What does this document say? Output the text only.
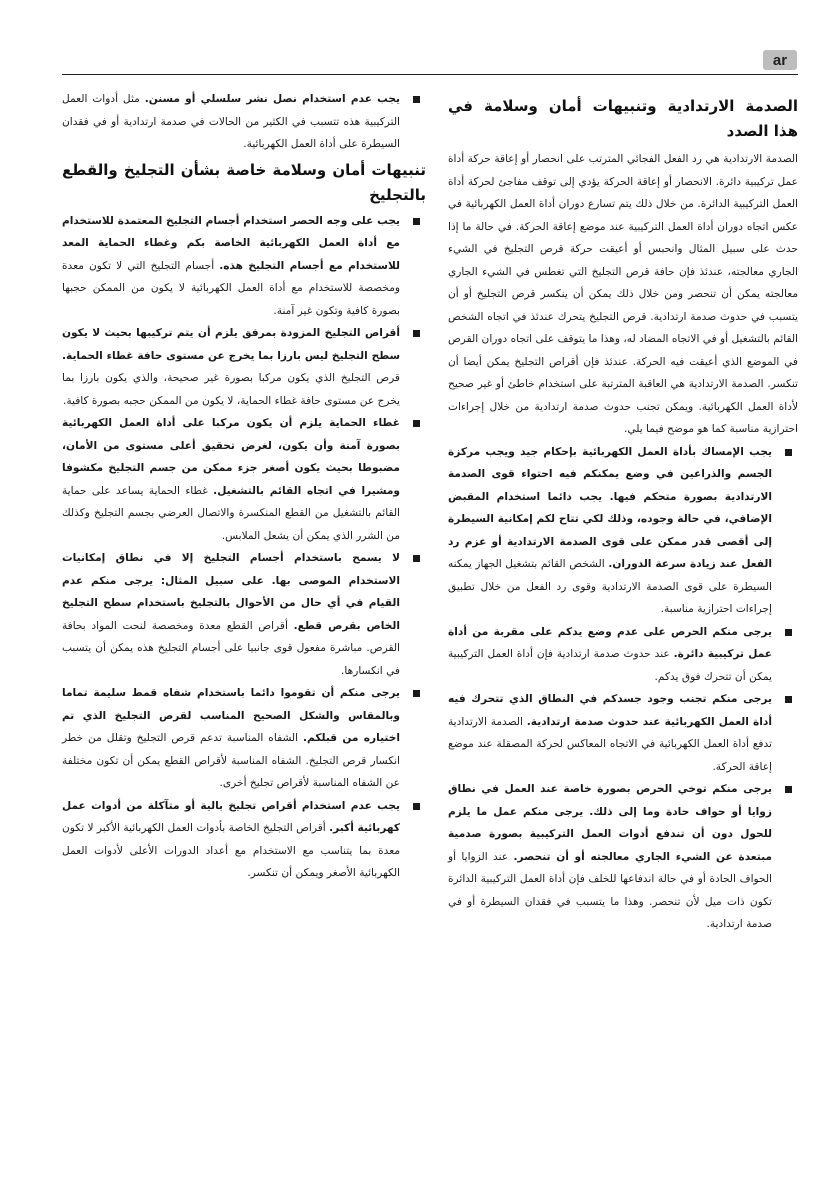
ar
الصدمة الارتدادية وتنبيهات أمان وسلامة في هذا الصدد

الصدمة الارتدادية هي رد الفعل الفجائي المترتب على انحصار أو إعاقة حركة أداة عمل تركيبية دائرة. الانحصار أو إعاقة الحركة يؤدي إلى توقف مفاجئ لحركة أداة العمل التركيبية الدائرة. من خلال ذلك يتم تسارع دوران أداة العمل الكهربائية في عكس اتجاه دوران أداة العمل التركيبية عند موضع إعاقة الحركة. في حالة ما إذا حدث على سبيل المثال وانحبس أو أعيقت حركة قرص التجليخ في الشيء الجاري معالجته، عندئذ فإن حافة قرص التجليخ التي تغطس في الشيء الجاري معالجته يمكن أن تنحصر ومن خلال ذلك يمكن أن ينكسر قرص التجليخ أو أن يتسبب في حدوث صدمة ارتدادية. قرص التجليخ يتحرك عندئذ في اتجاه الشخص القائم بالتشغيل أو في الاتجاه المضاد له، وهذا ما يتوقف على اتجاه دوران القرص في الموضع الذي أعيقت فيه الحركة. عندئذ فإن أقراص التجليخ يمكن أيضا أن تنكسر. الصدمة الارتدادية هي العاقبة المترتبة على استخدام خاطئ أو غير صحيح لأداة العمل الكهربائية. ويمكن تجنب حدوث صدمة ارتدادية من خلال إجراءات احترازية مناسبة كما هو موضح فيما يلي.

يجب الإمساك بأداة العمل الكهربائية بإحكام جيد ويجب مركزة الجسم والذراعين في وضع يمكنكم فيه احتواء قوى الصدمة الارتدادية بصورة متحكم فيها. يجب دائما استخدام المقبض الإضافي، في حالة وجوده، وذلك لكي تتاح لكم إمكانية السيطرة إلى أقصى قدر ممكن على قوى الصدمة الارتدادية أو عزم رد الفعل عند زيادة سرعة الدوران. الشخص القائم بتشغيل الجهاز يمكنه السيطرة على قوى الصدمة الارتدادية وقوى رد الفعل من خلال تطبيق إجراءات احترازية مناسبة.
يرجى منكم الحرص على عدم وضع يدكم على مقربة من أداة عمل تركيبية دائرة. عند حدوث صدمة ارتدادية فإن أداة العمل التركيبية يمكن أن تتحرك فوق يدكم.
يرجى منكم تجنب وجود جسدكم في النطاق الذي تتحرك فيه أداة العمل الكهربائية عند حدوث صدمة ارتدادية. الصدمة الارتدادية تدفع أداة العمل الكهربائية في الاتجاه المعاكس لحركة المصقلة عند موضع إعاقة الحركة.
يرجى منكم توخي الحرص بصورة خاصة عند العمل في نطاق زوايا أو حواف حادة وما إلى ذلك. يرجى منكم عمل ما يلزم للحول دون أن تندفع أدوات العمل التركيبية بصورة صدمية مبتعدة عن الشيء الجاري معالجته أو أن تنحصر. عند الزوايا أو الحواف الحادة أو في حالة اندفاعها للخلف فإن أداة العمل التركيبية الدائرة تكون ذات ميل لأن تنحصر. وهذا ما يتسبب في فقدان السيطرة أو في صدمة ارتدادية.
يجب عدم استخدام نصل نشر سلسلي أو مسنن. مثل أدوات العمل التركيبية هذه تتسبب في الكثير من الحالات في صدمة ارتدادية أو في فقدان السيطرة على أداة العمل الكهربائية.
تنبيهات أمان وسلامة خاصة بشأن التجليخ والقطع بالتجليخ
يجب على وجه الحصر استخدام أجسام التجليخ المعتمدة للاستخدام مع أداة العمل الكهربائية الخاصة بكم وغطاء الحماية المعد للاستخدام مع أجسام التجليخ هذه. أجسام التجليخ التي لا تكون معدة ومخصصة للاستخدام مع أداة العمل الكهربائية لا يكون من الممكن حجبها بصورة كافية وتكون غير آمنة.
أقراص التجليخ المزودة بمرفق يلزم أن يتم تركيبها بحيث لا يكون سطح التجليخ ليس بارزا بما يخرج عن مستوى حافة غطاء الحماية. قرص التجليخ الذي يكون مركبا بصورة غير صحيحة، والذي يكون بارزا بما يخرج عن مستوى حافة غطاء الحماية، لا يكون من الممكن حجبه بصورة كافية.
غطاء الحماية يلزم أن يكون مركبا على أداة العمل الكهربائية بصورة آمنة وأن يكون، لغرض تحقيق أعلى مستوى من الأمان، مضبوطا بحيث يكون أصغر جزء ممكن من جسم التجليخ مكشوفا ومشيرا في اتجاه القائم بالتشغيل. غطاء الحماية يساعد على حماية القائم بالتشغيل من القطع المنكسرة والاتصال العرضي بجسم التجليخ وكذلك من الشرر الذي يمكن أن يشعل الملابس.
لا يسمح باستخدام أجسام التجليخ إلا في نطاق إمكانيات الاستخدام الموصى بها. على سبيل المثال: يرجى منكم عدم القيام في أي حال من الأحوال بالتجليخ باستخدام سطح التجليخ الخاص بقرص قطع. أقراص القطع معدة ومخصصة لنحت المواد بحافة القرص. مباشرة مفعول قوى جانبيا على أجسام التجليخ هذه يمكن أن يتسبب في انكسارها.
يرجى منكم أن تقوموا دائما باستخدام شفاه قمط سليمة تماما وبالمقاس والشكل الصحيح المناسب لقرص التجليخ الذي تم اختياره من قبلكم. الشفاه المناسبة تدعم قرص التجليخ وتقلل من خطر انكسار قرص التجليخ. الشفاه المناسبة لأقراص القطع يمكن أن تكون مختلفة عن الشفاه المناسبة لأقراص تجليخ أخرى.
يجب عدم استخدام أقراص تجليخ بالية أو متآكلة من أدوات عمل كهربائية أكبر. أقراص التجليخ الخاصة بأدوات العمل الكهربائية الأكبر لا تكون معدة بما يتناسب مع الاستخدام مع أعداد الدورات الأعلى لأدوات العمل الكهربائية الأصغر ويمكن أن تنكسر.
